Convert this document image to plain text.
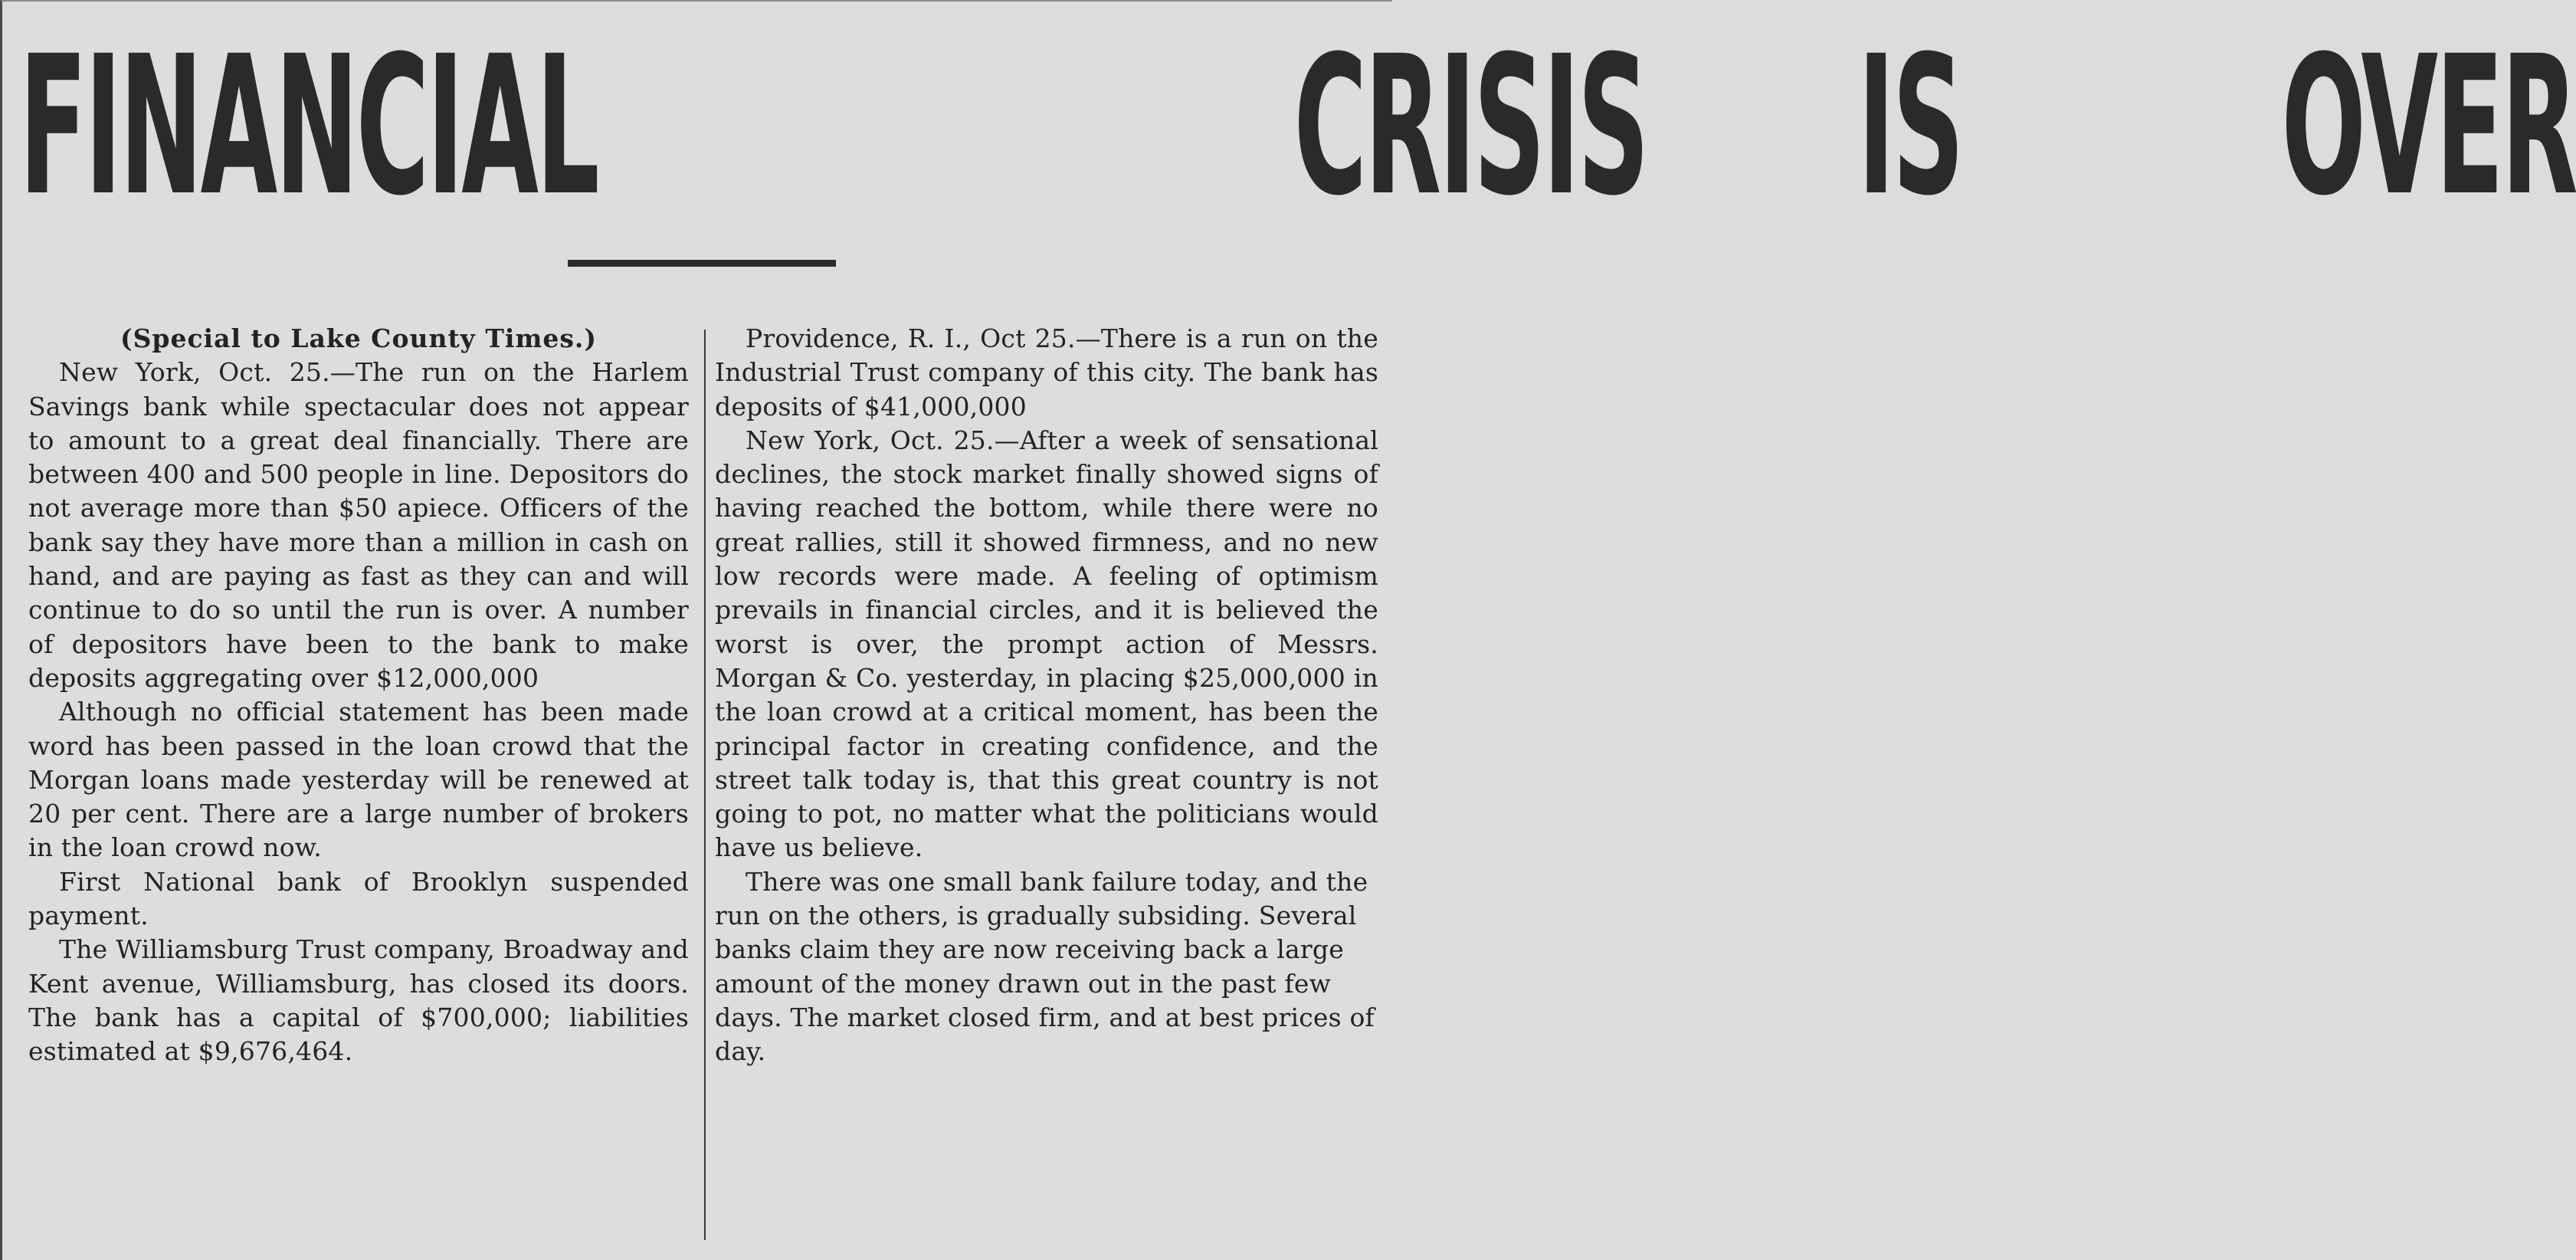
FINANCIAL	CRISIS IS OVER

(Special to Lake County Times.)

New York, Oct. 25.—The run on the Harlem Savings bank while spectacular does not appear to amount to a great deal financially. There are between 400 and 500 people in line. Depositors do not average more than $50 apiece. Officers of the bank say they have more than a million in cash on hand, and are paying as fast as they can and will continue to do so until the run is over. A number of depositors have been to the bank to make deposits aggregating over $12,000,000

Although no official statement has been made word has been passed in the loan crowd that the Morgan loans made yesterday will be renewed at 20 per cent. There are a large number of brokers in the loan crowd now.

First National bank of Brooklyn suspended payment.

The Williamsburg Trust company, Broadway and Kent avenue, Williamsburg, has closed its doors. The bank has a capital of $700,000; liabilities estimated at $9,676,464.

Providence, R. I., Oct 25.—There is a run on the Industrial Trust company of this city. The bank has deposits of $41,000,000

New York, Oct. 25.—After a week of sensational declines, the stock market finally showed signs of having reached the bottom, while there were no great rallies, still it showed firmness, and no new low records were made. A feeling of optimism prevails in financial circles, and it is believed the worst is over, the prompt action of Messrs. Morgan & Co. yesterday, in placing $25,000,000 in the loan crowd at a critical moment, has been the principal factor in creating confidence, and the street talk today is, that this great country is not going to pot, no matter what the politicians would have us believe.

There was one small bank failure today, and the run on the others, is gradually subsiding. Several banks claim they are now receiving back a large amount of the money drawn out in the past few days. The market closed firm, and at best prices of day.
